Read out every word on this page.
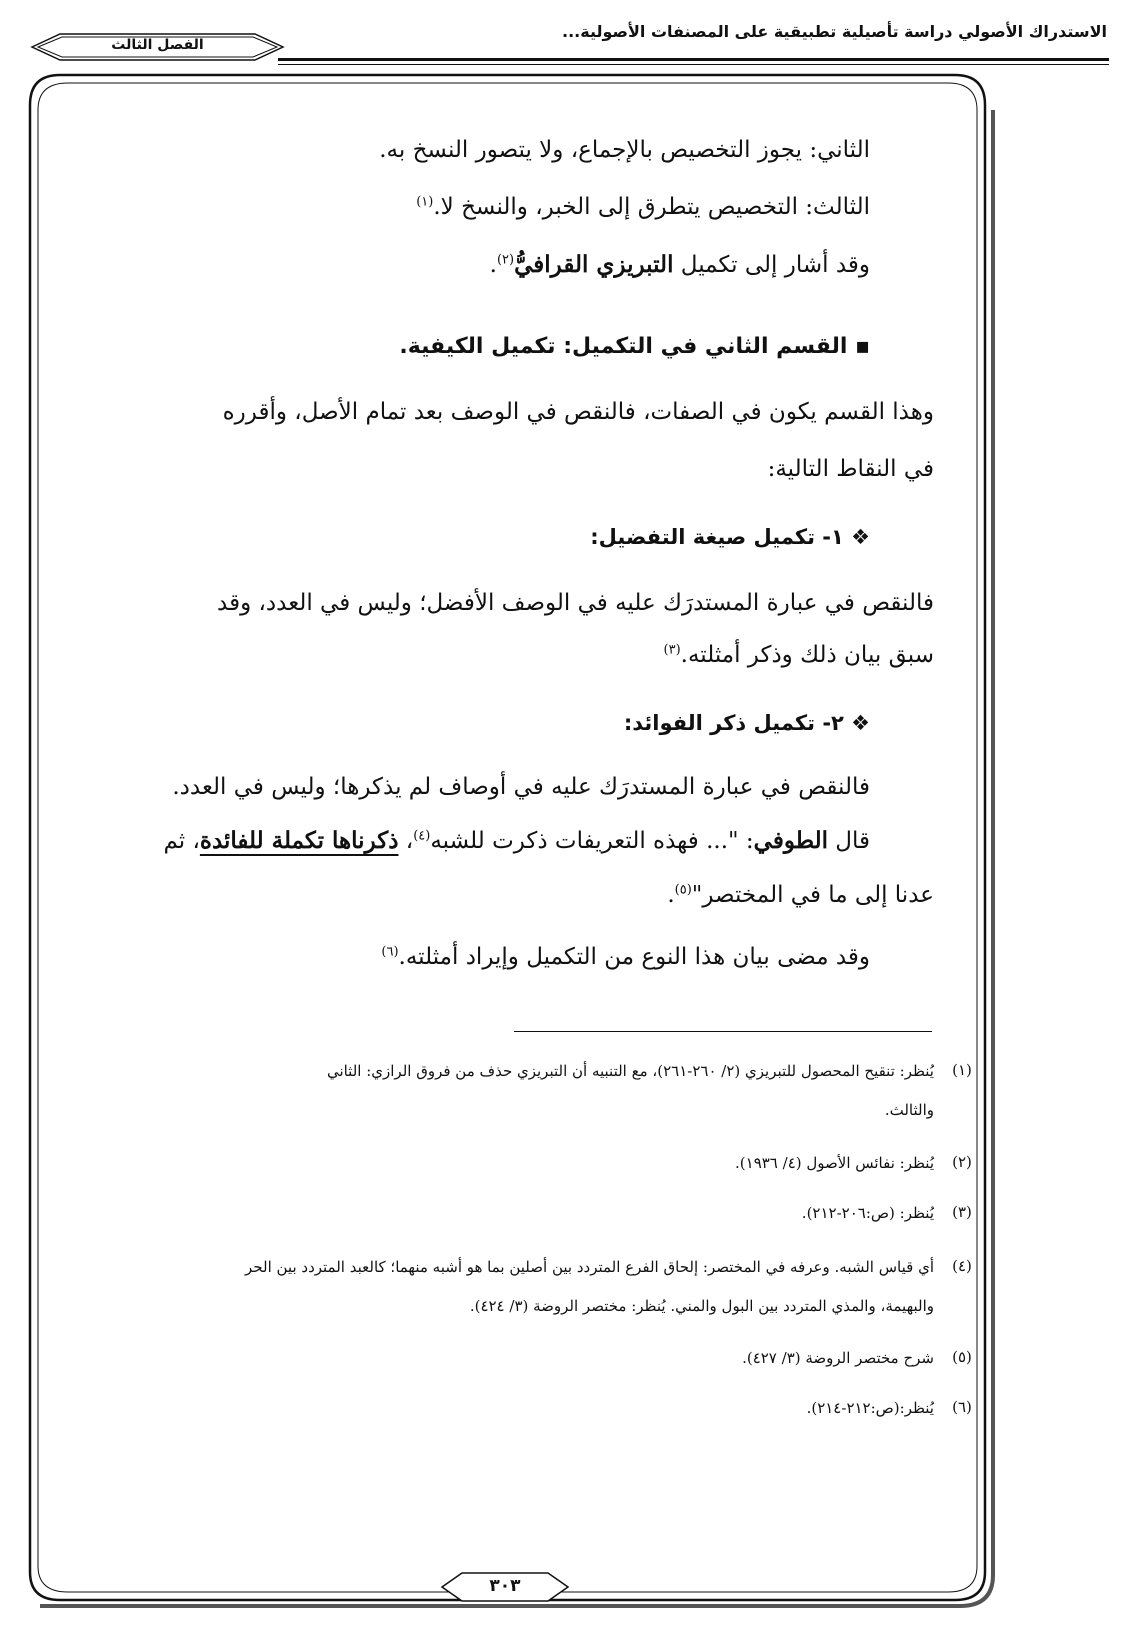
الاستدراك الأصولي دراسة تأصيلية تطبيقية على المصنفات الأصولية...
الفصل الثالث
الثاني: يجوز التخصيص بالإجماع، ولا يتصور النسخ به.
الثالث: التخصيص يتطرق إلى الخبر، والنسخ لا.$^{(١)}$
وقد أشار إلى تكميل التبريزي القرافيُّ$^{(٢)}$.
▪ القسم الثاني في التكميل: تكميل الكيفية.
وهذا القسم يكون في الصفات، فالنقص في الوصف بعد تمام الأصل، وأقرره
في النقاط التالية:
❖ ١- تكميل صيغة التفضيل:
فالنقص في عبارة المستدرَك عليه في الوصف الأفضل؛ وليس في العدد، وقد
سبق بيان ذلك وذكر أمثلته.$^{(٣)}$
❖ ٢- تكميل ذكر الفوائد:
فالنقص في عبارة المستدرَك عليه في أوصاف لم يذكرها؛ وليس في العدد.
قال الطوفي: "... فهذه التعريفات ذكرت للشبه$^{(٤)}$، ذكرناها تكملة للفائدة، ثم
عدنا إلى ما في المختصر"$^{(٥)}$.
وقد مضى بيان هذا النوع من التكميل وإيراد أمثلته.$^{(٦)}$
(١)
يُنظر: تنقيح المحصول للتبريزي (٢/ ٢٦٠-٢٦١)، مع التنبيه أن التبريزي حذف من فروق الرازي: الثاني
والثالث.
(٢)
يُنظر: نفائس الأصول (٤/ ١٩٣٦).
(٣)
يُنظر: (ص:٢٠٦-٢١٢).
(٤)
أي قياس الشبه. وعرفه في المختصر: إلحاق الفرع المتردد بين أصلين بما هو أشبه منهما؛ كالعبد المتردد بين الحر
والبهيمة، والمذي المتردد بين البول والمني. يُنظر: مختصر الروضة (٣/ ٤٢٤).
(٥)
شرح مختصر الروضة (٣/ ٤٢٧).
(٦)
يُنظر:(ص:٢١٢-٢١٤).
٣٠٣
